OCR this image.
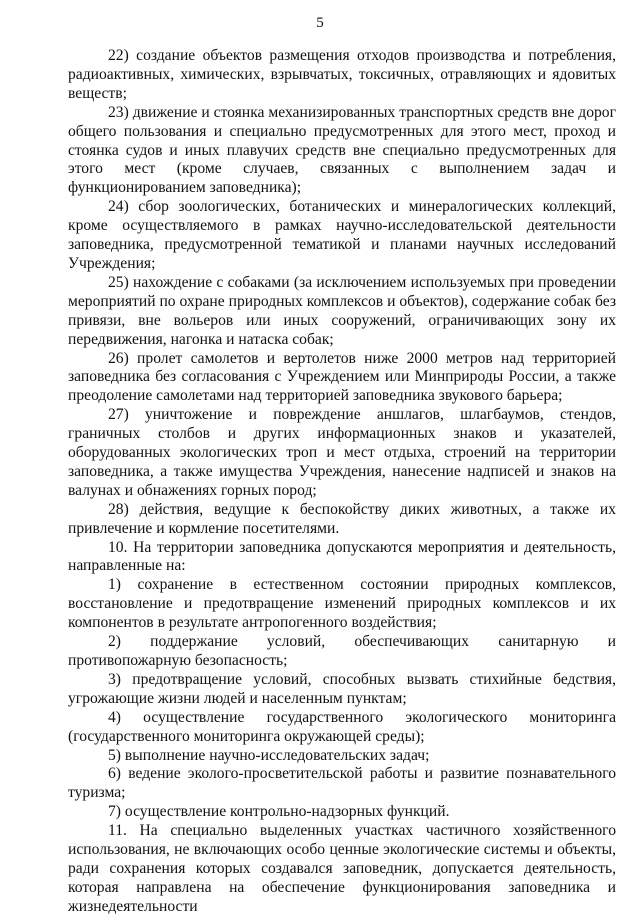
5

22) создание объектов размещения отходов производства и потребления, радиоактивных, химических, взрывчатых, токсичных, отравляющих и ядовитых веществ;

23) движение и стоянка механизированных транспортных средств вне дорог общего пользования и специально предусмотренных для этого мест, проход и стоянка судов и иных плавучих средств вне специально предусмотренных для этого мест (кроме случаев, связанных с выполнением задач и функционированием заповедника);

24) сбор зоологических, ботанических и минералогических коллекций, кроме осуществляемого в рамках научно-исследовательской деятельности заповедника, предусмотренной тематикой и планами научных исследований Учреждения;

25) нахождение с собаками (за исключением используемых при проведении мероприятий по охране природных комплексов и объектов), содержание собак без привязи, вне вольеров или иных сооружений, ограничивающих зону их передвижения, нагонка и натаска собак;

26) пролет самолетов и вертолетов ниже 2000 метров над территорией заповедника без согласования с Учреждением или Минприроды России, а также преодоление самолетами над территорией заповедника звукового барьера;

27) уничтожение и повреждение аншлагов, шлагбаумов, стендов, граничных столбов и других информационных знаков и указателей, оборудованных экологических троп и мест отдыха, строений на территории заповедника, а также имущества Учреждения, нанесение надписей и знаков на валунах и обнажениях горных пород;

28) действия, ведущие к беспокойству диких животных, а также их привлечение и кормление посетителями.

10. На территории заповедника допускаются мероприятия и деятельность, направленные на:

1) сохранение в естественном состоянии природных комплексов, восстановление и предотвращение изменений природных комплексов и их компонентов в результате антропогенного воздействия;

2) поддержание условий, обеспечивающих санитарную и противопожарную безопасность;

3) предотвращение условий, способных вызвать стихийные бедствия, угрожающие жизни людей и населенным пунктам;

4) осуществление государственного экологического мониторинга (государственного мониторинга окружающей среды);

5) выполнение научно-исследовательских задач;

6) ведение эколого-просветительской работы и развитие познавательного туризма;

7) осуществление контрольно-надзорных функций.

11. На специально выделенных участках частичного хозяйственного использования, не включающих особо ценные экологические системы и объекты, ради сохранения которых создавался заповедник, допускается деятельность, которая направлена на обеспечение функционирования заповедника и жизнедеятельности
